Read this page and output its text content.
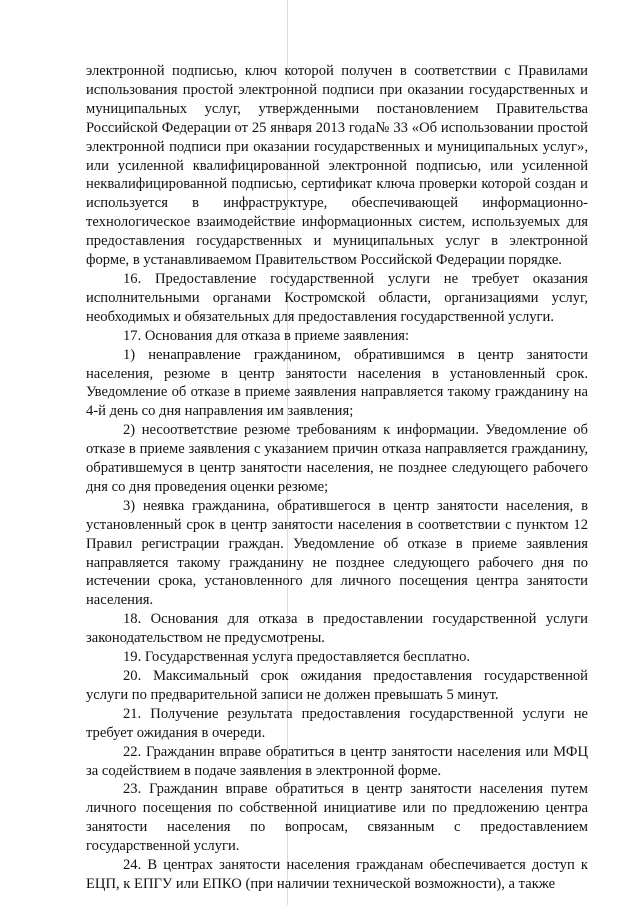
электронной подписью, ключ которой получен в соответствии с Правилами использования простой электронной подписи при оказании государственных и муниципальных услуг, утвержденными постановлением Правительства Российской Федерации от 25 января 2013 года№ 33 «Об использовании простой электронной подписи при оказании государственных и муниципальных услуг», или усиленной квалифицированной электронной подписью, или усиленной неквалифицированной подписью, сертификат ключа проверки которой создан и используется в инфраструктуре, обеспечивающей информационно-технологическое взаимодействие информационных систем, используемых для предоставления государственных и муниципальных услуг в электронной форме, в устанавливаемом Правительством Российской Федерации порядке.

16. Предоставление государственной услуги не требует оказания исполнительными органами Костромской области, организациями услуг, необходимых и обязательных для предоставления государственной услуги.

17. Основания для отказа в приеме заявления:

1) ненаправление гражданином, обратившимся в центр занятости населения, резюме в центр занятости населения в установленный срок. Уведомление об отказе в приеме заявления направляется такому гражданину на 4-й день со дня направления им заявления;

2) несоответствие резюме требованиям к информации. Уведомление об отказе в приеме заявления с указанием причин отказа направляется гражданину, обратившемуся в центр занятости населения, не позднее следующего рабочего дня со дня проведения оценки резюме;

3) неявка гражданина, обратившегося в центр занятости населения, в установленный срок в центр занятости населения в соответствии с пунктом 12 Правил регистрации граждан. Уведомление об отказе в приеме заявления направляется такому гражданину не позднее следующего рабочего дня по истечении срока, установленного для личного посещения центра занятости населения.

18. Основания для отказа в предоставлении государственной услуги законодательством не предусмотрены.

19. Государственная услуга предоставляется бесплатно.

20. Максимальный срок ожидания предоставления государственной услуги по предварительной записи не должен превышать 5 минут.

21. Получение результата предоставления государственной услуги не требует ожидания в очереди.

22. Гражданин вправе обратиться в центр занятости населения или МФЦ за содействием в подаче заявления в электронной форме.

23. Гражданин вправе обратиться в центр занятости населения путем личного посещения по собственной инициативе или по предложению центра занятости населения по вопросам, связанным с предоставлением государственной услуги.

24. В центрах занятости населения гражданам обеспечивается доступ к ЕЦП, к ЕПГУ или ЕПКО (при наличии технической возможности), а также
